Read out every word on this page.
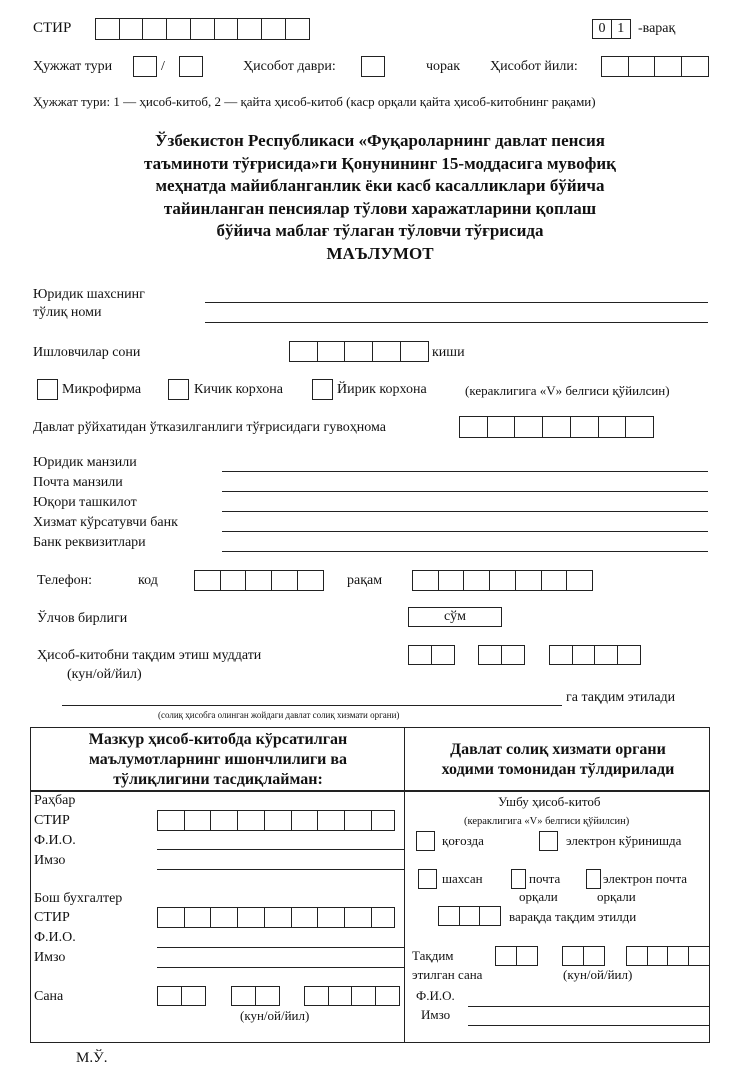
СТИР	0 1 -варақ
Ҳужжат тури	/	Ҳисобот даври:	чорак Ҳисобот йили:
Ҳужжат тури: 1 — ҳисоб-китоб, 2 — қайта ҳисоб-китоб (каср орқали қайта ҳисоб-китобнинг рақами)
Ўзбекистон Республикаси «Фуқароларнинг давлат пенсия
таъминоти тўғрисида»ги Қонунининг 15-моддасига мувофиқ
меҳнатда майибланганлик ёки касб касалликлари бўйича
тайинланган пенсиялар тўлови харажатларини қоплаш
бўйича маблағ тўлаган тўловчи тўғрисида
МАЪЛУМОТ
Юридик шахснинг
тўлиқ номи
Ишловчилар сони	киши
Микрофирма	Кичик корхона	Йирик корхона	(кераклигига «V» белгиси қўйилсин)
Давлат рўйхатидан ўтказилганлиги тўғрисидаги гувоҳнома
Юридик манзили
Почта манзили
Юқори ташкилот
Хизмат кўрсатувчи банк
Банк реквизитлари
Телефон:	код	рақам
Ўлчов бирлиги	сўм
Ҳисоб-китобни тақдим этиш муддати
(кун/ой/йил)
га тақдим этилади
(солиқ ҳисобга олинган жойдаги давлат солиқ хизмати органи)
Мазкур ҳисоб-китобда кўрсатилган
маълумотларнинг ишончлилиги ва
тўлиқлигини тасдиқлайман:
Давлат солиқ хизмати органи
ходими томонидан тўлдирилади
Раҳбар
СТИР
Ф.И.О.
Имзо
Бош бухгалтер
СТИР
Ф.И.О.
Имзо
Сана
(кун/ой/йил)
М.Ў.
Ушбу ҳисоб-китоб
(кераклигига «V» белгиси қўйилсин)
қоғозда	электрон кўринишда
шахсан	почта
орқали
электрон почта
орқали
варақда тақдим этилди
Тақдим
этилган сана	(кун/ой/йил)
Ф.И.О.
Имзо
